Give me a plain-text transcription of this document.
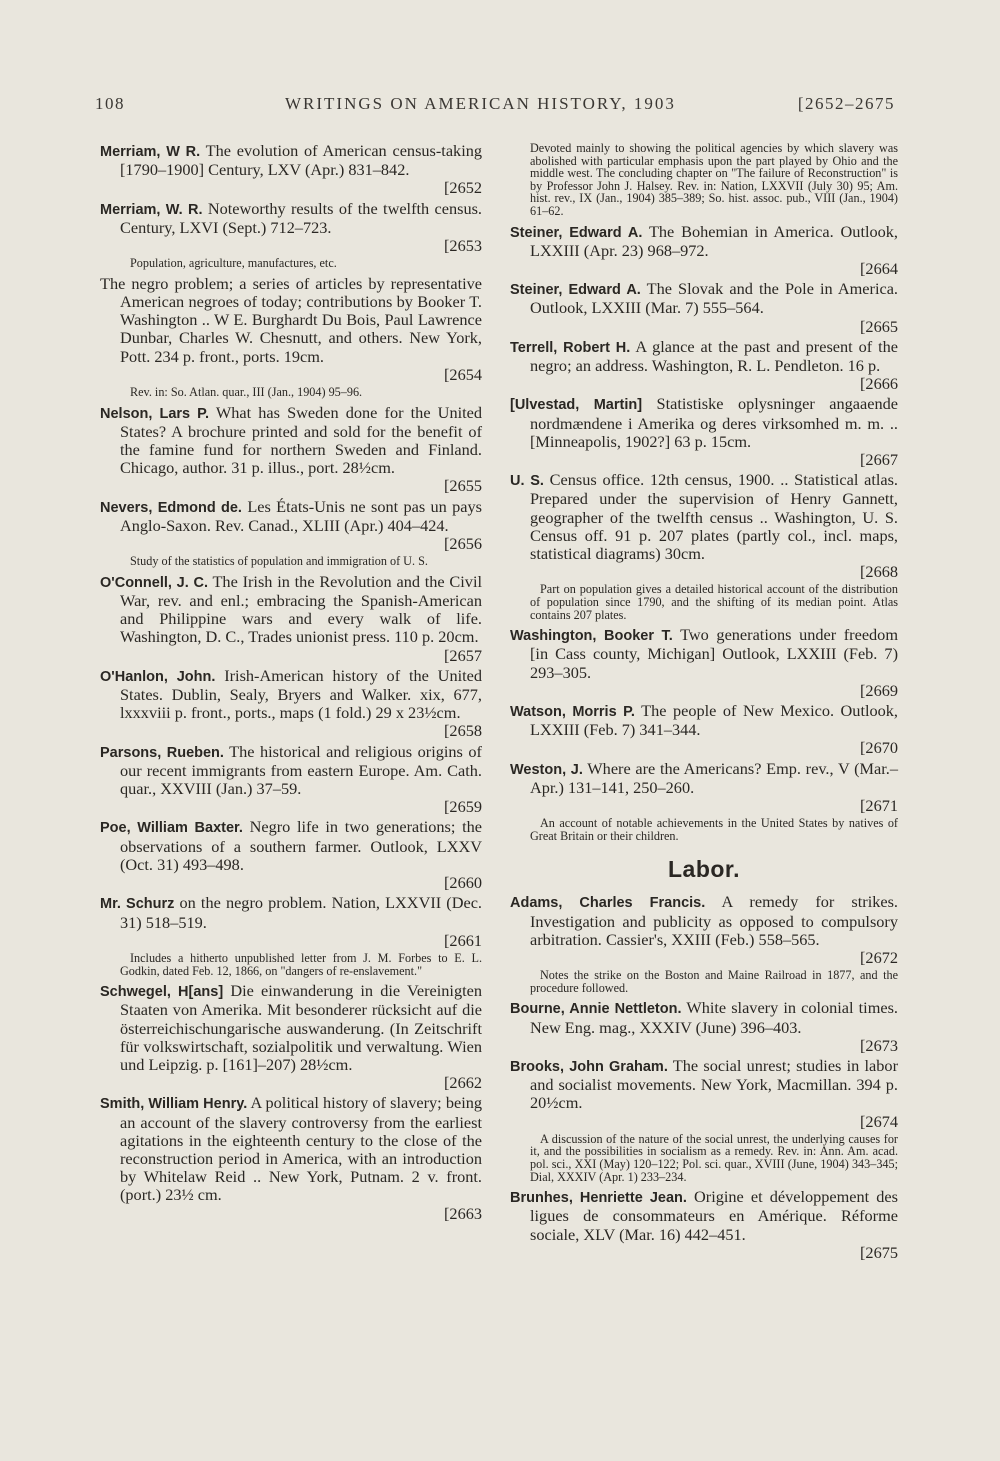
108	WRITINGS ON AMERICAN HISTORY, 1903	[2652–2675
Merriam, W R. The evolution of American census-taking [1790–1900] Century, LXV (Apr.) 831–842.
[2652
Merriam, W. R. Noteworthy results of the twelfth census. Century, LXVI (Sept.) 712–723.
[2653
Population, agriculture, manufactures, etc.
The negro problem; a series of articles by representative American negroes of today; contributions by Booker T. Washington .. W E. Burghardt Du Bois, Paul Lawrence Dunbar, Charles W. Chesnutt, and others. New York, Pott. 234 p. front., ports. 19cm.
[2654
Rev. in: So. Atlan. quar., III (Jan., 1904) 95–96.
Nelson, Lars P. What has Sweden done for the United States? A brochure printed and sold for the benefit of the famine fund for northern Sweden and Finland. Chicago, author. 31 p. illus., port. 28½cm.
[2655
Nevers, Edmond de. Les États-Unis ne sont pas un pays Anglo-Saxon. Rev. Canad., XLIII (Apr.) 404–424.
[2656
Study of the statistics of population and immigration of U. S.
O'Connell, J. C. The Irish in the Revolution and the Civil War, rev. and enl.; embracing the Spanish-American and Philippine wars and every walk of life. Washington, D. C., Trades unionist press. 110 p. 20cm.
[2657
O'Hanlon, John. Irish-American history of the United States. Dublin, Sealy, Bryers and Walker. xix, 677, lxxxviii p. front., ports., maps (1 fold.) 29 x 23½cm.
[2658
Parsons, Rueben. The historical and religious origins of our recent immigrants from eastern Europe. Am. Cath. quar., XXVIII (Jan.) 37–59.
[2659
Poe, William Baxter. Negro life in two generations; the observations of a southern farmer. Outlook, LXXV (Oct. 31) 493–498.
[2660
Mr. Schurz on the negro problem. Nation, LXXVII (Dec. 31) 518–519.
[2661
Includes a hitherto unpublished letter from J. M. Forbes to E. L. Godkin, dated Feb. 12, 1866, on "dangers of re-enslavement."
Schwegel, H[ans] Die einwanderung in die Vereinigten Staaten von Amerika. Mit besonderer rücksicht auf die österreichischungarische auswanderung. (In Zeitschrift für volkswirtschaft, sozialpolitik und verwaltung. Wien und Leipzig. p. [161]–207) 28½cm.
[2662
Smith, William Henry. A political history of slavery; being an account of the slavery controversy from the earliest agitations in the eighteenth century to the close of the reconstruction period in America, with an introduction by Whitelaw Reid .. New York, Putnam. 2 v. front. (port.) 23½ cm.
[2663
Devoted mainly to showing the political agencies by which slavery was abolished with particular emphasis upon the part played by Ohio and the middle west. The concluding chapter on "The failure of Reconstruction" is by Professor John J. Halsey. Rev. in: Nation, LXXVII (July 30) 95; Am. hist. rev., IX (Jan., 1904) 385–389; So. hist. assoc. pub., VIII (Jan., 1904) 61–62.
Steiner, Edward A. The Bohemian in America. Outlook, LXXIII (Apr. 23) 968–972.
[2664
Steiner, Edward A. The Slovak and the Pole in America. Outlook, LXXIII (Mar. 7) 555–564.
[2665
Terrell, Robert H. A glance at the past and present of the negro; an address. Washington, R. L. Pendleton. 16 p.
[2666
[Ulvestad, Martin] Statistiske oplysninger angaaende nordmændene i Amerika og deres virksomhed m. m. .. [Minneapolis, 1902?] 63 p. 15cm.
[2667
U. S. Census office. 12th census, 1900. .. Statistical atlas. Prepared under the supervision of Henry Gannett, geographer of the twelfth census .. Washington, U. S. Census off. 91 p. 207 plates (partly col., incl. maps, statistical diagrams) 30cm.
[2668
Part on population gives a detailed historical account of the distribution of population since 1790, and the shifting of its median point. Atlas contains 207 plates.
Washington, Booker T. Two generations under freedom [in Cass county, Michigan] Outlook, LXXIII (Feb. 7) 293–305.
[2669
Watson, Morris P. The people of New Mexico. Outlook, LXXIII (Feb. 7) 341–344.
[2670
Weston, J. Where are the Americans? Emp. rev., V (Mar.–Apr.) 131–141, 250–260.
[2671
An account of notable achievements in the United States by natives of Great Britain or their children.
Labor.
Adams, Charles Francis. A remedy for strikes. Investigation and publicity as opposed to compulsory arbitration. Cassier's, XXIII (Feb.) 558–565.
[2672
Notes the strike on the Boston and Maine Railroad in 1877, and the procedure followed.
Bourne, Annie Nettleton. White slavery in colonial times. New Eng. mag., XXXIV (June) 396–403.
[2673
Brooks, John Graham. The social unrest; studies in labor and socialist movements. New York, Macmillan. 394 p. 20½cm.
[2674
A discussion of the nature of the social unrest, the underlying causes for it, and the possibilities in socialism as a remedy. Rev. in: Ann. Am. acad. pol. sci., XXI (May) 120–122; Pol. sci. quar., XVIII (June, 1904) 343–345; Dial, XXXIV (Apr. 1) 233–234.
Brunhes, Henriette Jean. Origine et développement des ligues de consommateurs en Amérique. Réforme sociale, XLV (Mar. 16) 442–451.
[2675
